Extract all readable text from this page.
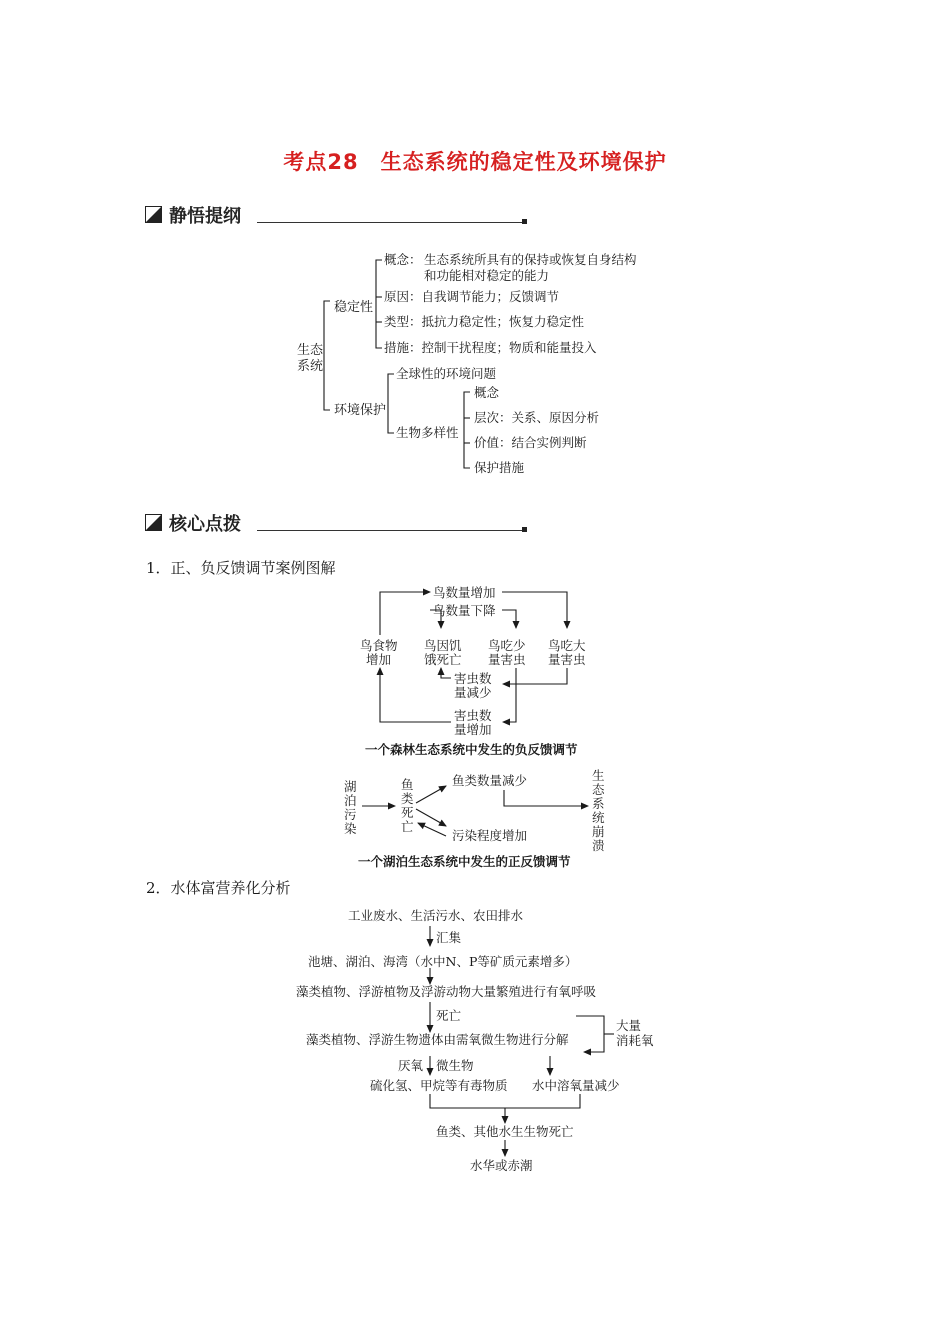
考点28　生态系统的稳定性及环境保护
静悟提纲
生态
系统
稳定性
概念： 生态系统所具有的保持或恢复自身结构
和功能相对稳定的能力
原因：自我调节能力；反馈调节
类型：抵抗力稳定性；恢复力稳定性
措施：控制干扰程度；物质和能量投入
环境保护
全球性的环境问题
生物多样性
概念
层次：关系、原因分析
价值：结合实例判断
保护措施
核心点拨
1．正、负反馈调节案例图解
鸟数量增加
鸟数量下降
鸟食物
增加
鸟因饥
饿死亡
鸟吃少
量害虫
鸟吃大
量害虫
害虫数
量减少
害虫数
量增加
一个森林生态系统中发生的负反馈调节
湖
泊
污
染
鱼
类
死
亡
鱼类数量减少
污染程度增加
生
态
系
统
崩
溃
一个湖泊生态系统中发生的正反馈调节
2．水体富营养化分析
工业废水、生活污水、农田排水
汇集
池塘、湖泊、海湾（水中N、P等矿质元素增多）
藻类植物、浮游植物及浮游动物大量繁殖进行有氧呼吸
死亡
藻类植物、浮游生物遗体由需氧微生物进行分解
大量
消耗氧
厌氧 微生物
硫化氢、甲烷等有毒物质 水中溶氧量减少
鱼类、其他水生生物死亡
水华或赤潮
